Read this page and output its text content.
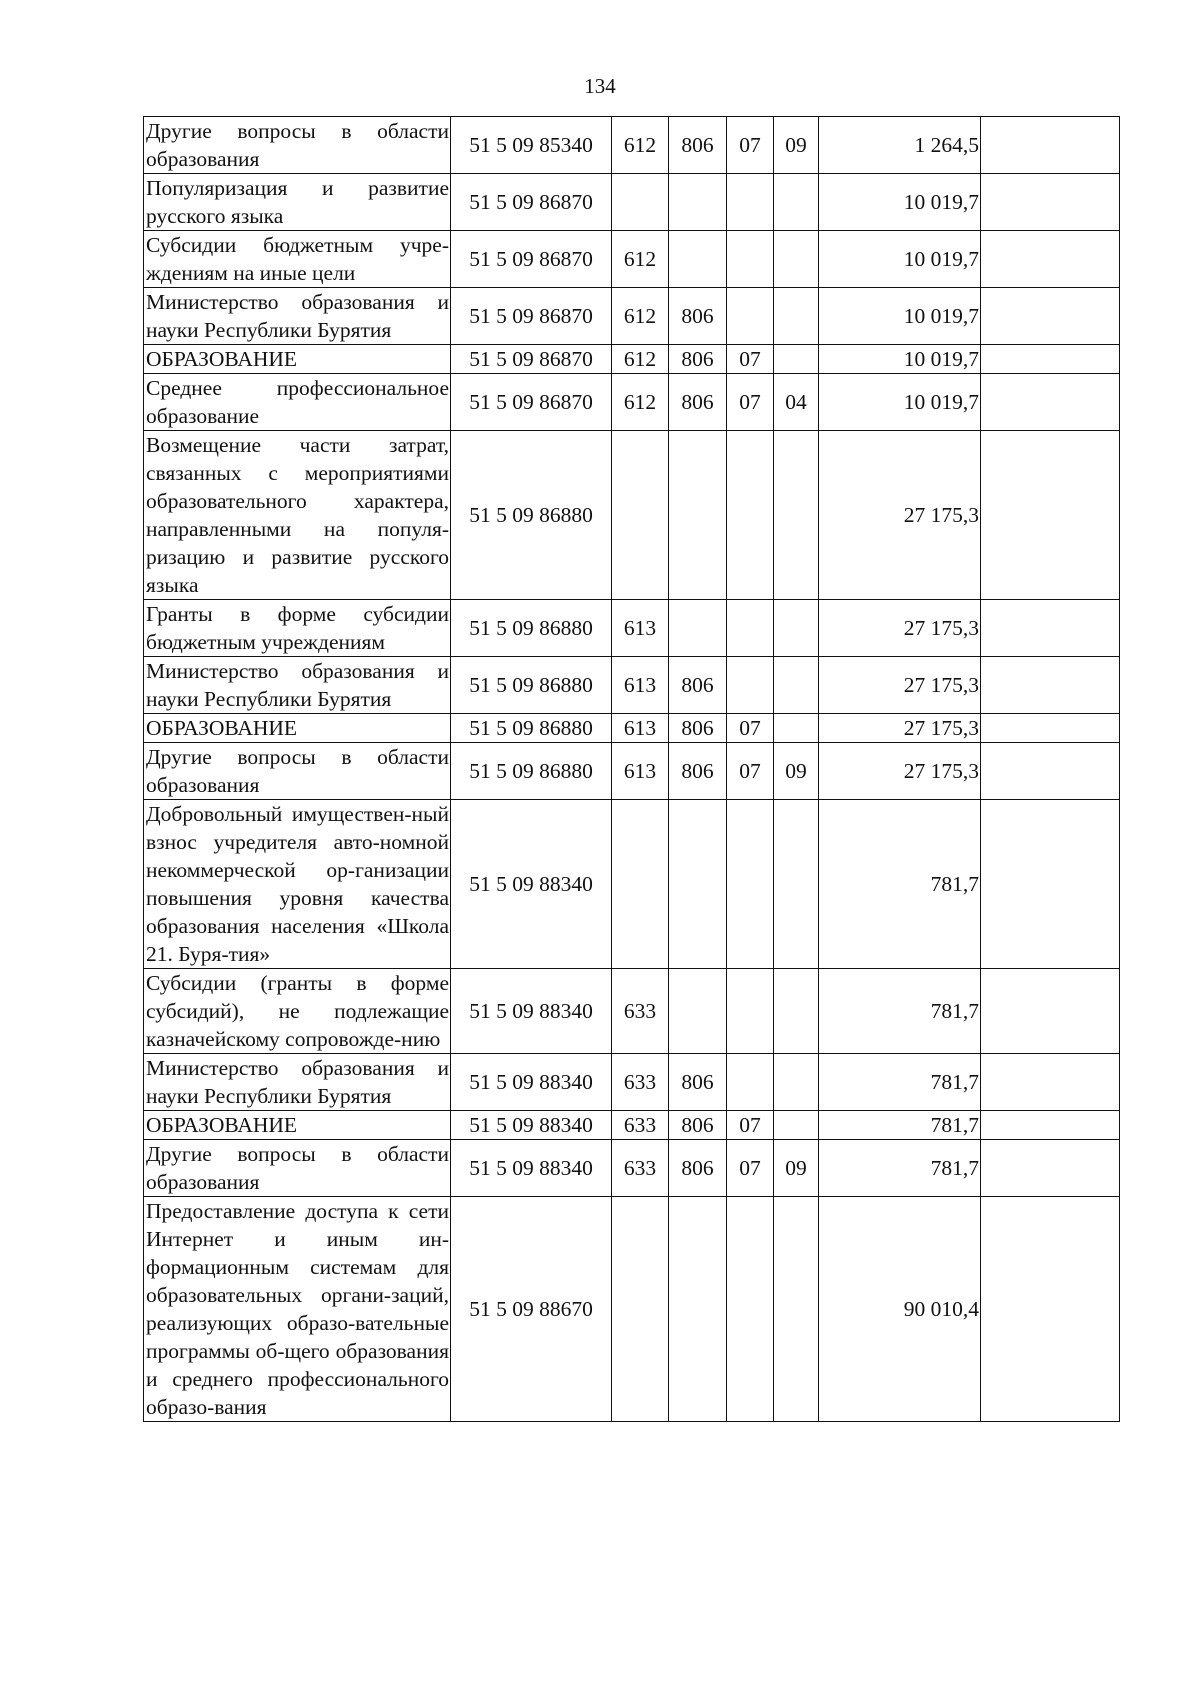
134
Другие вопросы в области образования	51 5 09 85340	612	806	07	09	1 264,5	
Популяризация и развитие русского языка	51 5 09 86870					10 019,7	
Субсидии бюджетным учре-ждениям на иные цели	51 5 09 86870	612				10 019,7	
Министерство образования и науки Республики Бурятия	51 5 09 86870	612	806			10 019,7	
ОБРАЗОВАНИЕ	51 5 09 86870	612	806	07		10 019,7	
Среднее профессиональное образование	51 5 09 86870	612	806	07	04	10 019,7	
Возмещение части затрат, связанных с мероприятиями образовательного характера, направленными на популя-ризацию и развитие русского языка	51 5 09 86880					27 175,3	
Гранты в форме субсидии бюджетным учреждениям	51 5 09 86880	613				27 175,3	
Министерство образования и науки Республики Бурятия	51 5 09 86880	613	806			27 175,3	
ОБРАЗОВАНИЕ	51 5 09 86880	613	806	07		27 175,3	
Другие вопросы в области образования	51 5 09 86880	613	806	07	09	27 175,3	
Добровольный имуществен-ный взнос учредителя авто-номной некоммерческой ор-ганизации повышения уровня качества образования населения «Школа 21. Буря-тия»	51 5 09 88340					781,7	
Субсидии (гранты в форме субсидий), не подлежащие казначейскому сопровожде-нию	51 5 09 88340	633				781,7	
Министерство образования и науки Республики Бурятия	51 5 09 88340	633	806			781,7	
ОБРАЗОВАНИЕ	51 5 09 88340	633	806	07		781,7	
Другие вопросы в области образования	51 5 09 88340	633	806	07	09	781,7	
Предоставление доступа к сети Интернет и иным ин-формационным системам для образовательных органи-заций, реализующих образо-вательные программы об-щего образования и среднего профессионального образо-вания	51 5 09 88670					90 010,4	
